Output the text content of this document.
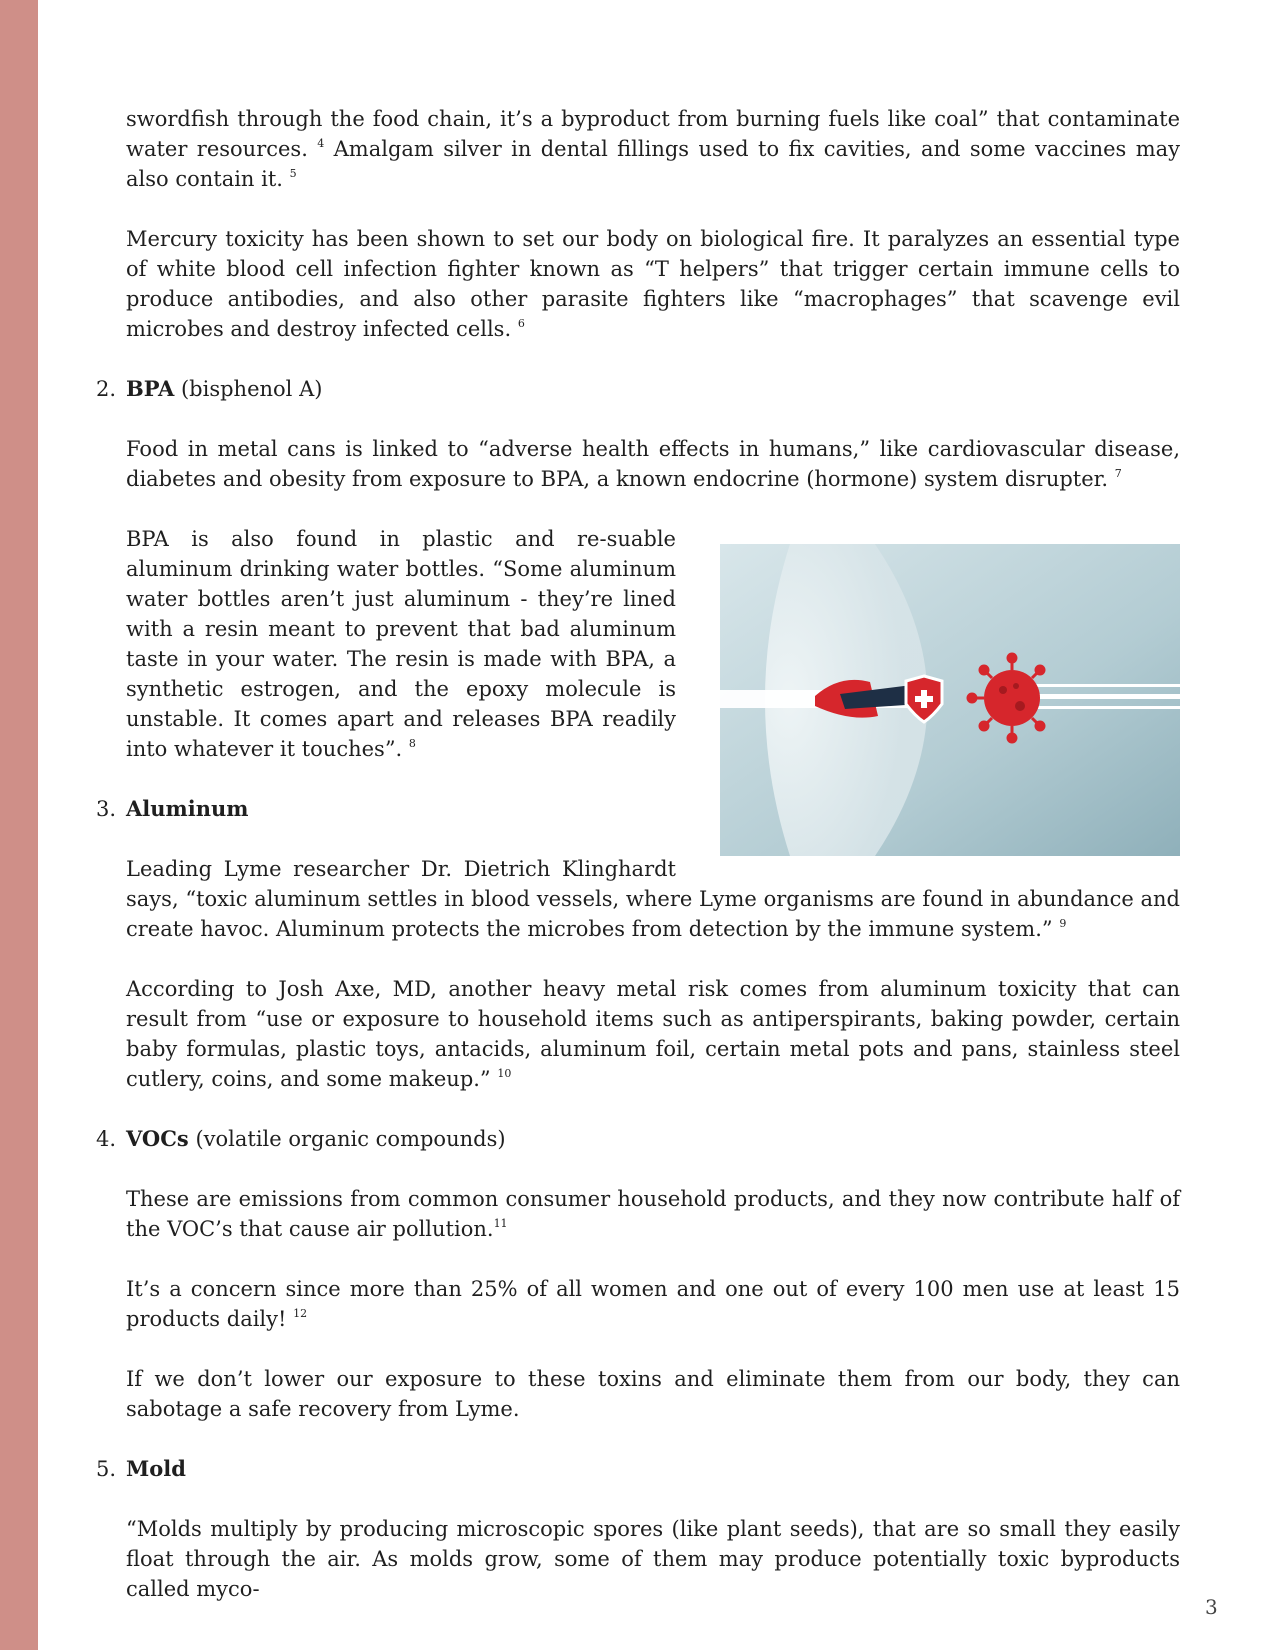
swordfish through the food chain, it’s a byproduct from burning fuels like coal” that contaminate water resources. $^4$ Amalgam silver in dental fillings used to fix cavities, and some vaccines may also contain it. $^5$

Mercury toxicity has been shown to set our body on biological fire. It paralyzes an essential type of white blood cell infection fighter known as “T helpers” that trigger certain immune cells to produce antibodies, and also other parasite fighters like “macrophages” that scavenge evil microbes and destroy infected cells. $^6$

2. BPA (bisphenol A)

Food in metal cans is linked to “adverse health effects in humans,” like cardiovascular disease, diabetes and obesity from exposure to BPA, a known endocrine (hormone) system disrupter. $^7$

BPA is also found in plastic and re-suable aluminum drinking water bottles. “Some aluminum water bottles aren’t just aluminum - they’re lined with a resin meant to prevent that bad aluminum taste in your water. The resin is made with BPA, a synthetic estrogen, and the epoxy molecule is unstable. It comes apart and releases BPA readily into whatever it touches”. $^8$

3. Aluminum

Leading Lyme researcher Dr. Dietrich Klinghardt says, “toxic aluminum settles in blood vessels, where Lyme organisms are found in abundance and create havoc. Aluminum protects the microbes from detection by the immune system.” $^9$

According to Josh Axe, MD, another heavy metal risk comes from aluminum toxicity that can result from “use or exposure to household items such as antiperspirants, baking powder, certain baby formulas, plastic toys, antacids, aluminum foil, certain metal pots and pans, stainless steel cutlery, coins, and some makeup.” $^{10}$

4. VOCs (volatile organic compounds)

These are emissions from common consumer household products, and they now contribute half of the VOC’s that cause air pollution.$^{11}$

It’s a concern since more than 25% of all women and one out of every 100 men use at least 15 products daily! $^{12}$

If we don’t lower our exposure to these toxins and eliminate them from our body, they can sabotage a safe recovery from Lyme.

5. Mold

“Molds multiply by producing microscopic spores (like plant seeds), that are so small they easily float through the air. As molds grow, some of them may produce potentially toxic byproducts called myco-

3
